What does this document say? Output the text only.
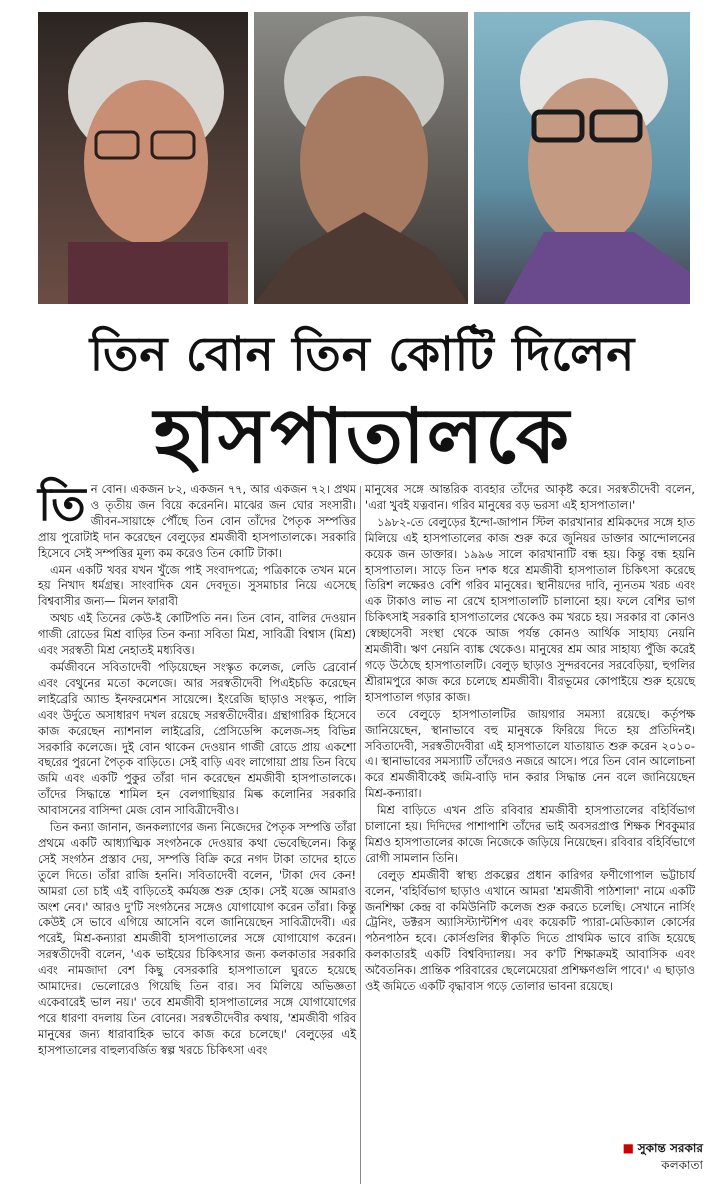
তিন বোন তিন কোটি দিলেন
হাসপাতালকে

তিন বোন। একজন ৮২, একজন ৭৭, আর একজন ৭২। প্রথম ও তৃতীয় জন বিয়ে করেননি। মাঝের জন ঘোর সংসারী। জীবন-সায়াহ্নে পৌঁছে তিন বোন তাঁদের পৈতৃক সম্পত্তির প্রায় পুরোটাই দান করেছেন বেলুড়ের শ্রমজীবী হাসপাতালকে। সরকারি হিসেবে সেই সম্পত্তির মূল্য কম করেও তিন কোটি টাকা।

এমন একটি খবর যখন খুঁজে পাই সংবাদপত্রে; পত্রিকাকে তখন মনে হয় নিখাদ ধর্মগ্রন্থ। সাংবাদিক যেন দেবদূত। সুসমাচার নিয়ে এসেছে বিশ্ববাসীর জন্য— মিলন ফারাবী

অথচ এই তিনের কেউ-ই কোটিপতি নন। তিন বোন, বালির দেওয়ান গাজী রোডের মিশ্র বাড়ির তিন কন্যা সবিতা মিশ্র, সাবিত্রী বিশ্বাস (মিশ্র) এবং সরস্বতী মিশ্র নেহাতই মধ্যবিত্ত।

কর্মজীবনে সবিতাদেবী পড়িয়েছেন সংস্কৃত কলেজ, লেডি ব্রেবোর্ন এবং বেথুনের মতো কলেজে। আর সরস্বতীদেবী পিএইচডি করেছেন লাইব্রেরি অ্যান্ড ইনফরমেশন সায়েন্সে। ইংরেজি ছাড়াও সংস্কৃত, পালি এবং উর্দুতে অসাধারণ দখল রয়েছে সরস্বতীদেবীর। গ্রন্থাগারিক হিসেবে কাজ করেছেন ন্যাশনাল লাইব্রেরি, প্রেসিডেন্সি কলেজ-সহ বিভিন্ন সরকারি কলেজে। দুই বোন থাকেন দেওয়ান গাজী রোডে প্রায় একশো বছরের পুরনো পৈতৃক বাড়িতে। সেই বাড়ি এবং লাগোয়া প্রায় তিন বিঘে জমি এবং একটি পুকুর তাঁরা দান করেছেন শ্রমজীবী হাসপাতালকে। তাঁদের সিদ্ধান্তে শামিল হন বেলগাছিয়ার মিল্ক কলোনির সরকারি আবাসনের বাসিন্দা মেজ বোন সাবিত্রীদেবীও।

তিন কন্যা জানান, জনকল্যাণের জন্য নিজেদের পৈতৃক সম্পত্তি তাঁরা প্রথমে একটি আধ্যাত্মিক সংগঠনকে দেওয়ার কথা ভেবেছিলেন। কিন্তু সেই সংগঠন প্রস্তাব দেয়, সম্পত্তি বিক্রি করে নগদ টাকা তাদের হাতে তুলে দিতে। তাঁরা রাজি হননি। সবিতাদেবী বলেন, 'টাকা দেব কেন! আমরা তো চাই এই বাড়িতেই কর্মযজ্ঞ শুরু হোক। সেই যজ্ঞে আমরাও অংশ নেব।' আরও দু'টি সংগঠনের সঙ্গেও যোগাযোগ করেন তাঁরা। কিন্তু কেউই সে ভাবে এগিয়ে আসেনি বলে জানিয়েছেন সাবিত্রীদেবী। এর পরেই, মিশ্র-কন্যারা শ্রমজীবী হাসপাতালের সঙ্গে যোগাযোগ করেন। সরস্বতীদেবী বলেন, 'এক ভাইয়ের চিকিৎসার জন্য কলকাতার সরকারি এবং নামজাদা বেশ কিছু বেসরকারি হাসপাতালে ঘুরতে হয়েছে আমাদের। ভেলোরেও গিয়েছি তিন বার। সব মিলিয়ে অভিজ্ঞতা একেবারেই ভাল নয়।' তবে শ্রমজীবী হাসপাতালের সঙ্গে যোগাযোগের পরে ধারণা বদলায় তিন বোনের। সরস্বতীদেবীর কথায়, 'শ্রমজীবী গরিব মানুষের জন্য ধারাবাহিক ভাবে কাজ করে চলেছে।' বেলুড়ের এই হাসপাতালের বাহুল্যবর্জিত স্বল্প খরচে চিকিৎসা এবং

মানুষের সঙ্গে আন্তরিক ব্যবহার তাঁদের আকৃষ্ট করে। সরস্বতীদেবী বলেন, 'এরা খুবই যত্নবান। গরিব মানুষের বড় ভরসা এই হাসপাতাল।'

১৯৮২-তে বেলুড়ের ইন্দো-জাপান স্টিল কারখানার শ্রমিকদের সঙ্গে হাত মিলিয়ে এই হাসপাতালের কাজ শুরু করে জুনিয়র ডাক্তার আন্দোলনের কয়েক জন ডাক্তার। ১৯৯৬ সালে কারখানাটি বন্ধ হয়। কিন্তু বন্ধ হয়নি হাসপাতাল। সাড়ে তিন দশক ধরে শ্রমজীবী হাসপাতাল চিকিৎসা করেছে তিরিশ লক্ষেরও বেশি গরিব মানুষের। স্থানীয়দের দাবি, ন্যূনতম খরচ এবং এক টাকাও লাভ না রেখে হাসপাতালটি চালানো হয়। ফলে বেশির ভাগ চিকিৎসাই সরকারি হাসপাতালের থেকেও কম খরচে হয়। সরকার বা কোনও স্বেচ্ছাসেবী সংস্থা থেকে আজ পর্যন্ত কোনও আর্থিক সাহায্য নেয়নি শ্রমজীবী। ঋণ নেয়নি ব্যাঙ্ক থেকেও। মানুষের শ্রম আর সাহায্য পুঁজি করেই গড়ে উঠেছে হাসপাতালটি। বেলুড় ছাড়াও সুন্দরবনের সরবেড়িয়া, হুগলির শ্রীরামপুরে কাজ করে চলেছে শ্রমজীবী। বীরভূমের কোপাইয়ে শুরু হয়েছে হাসপাতাল গড়ার কাজ।

তবে বেলুড়ে হাসপাতালটির জায়গার সমস্যা রয়েছে। কর্তৃপক্ষ জানিয়েছেন, স্থানাভাবে বহু মানুষকে ফিরিয়ে দিতে হয় প্রতিদিনই। সবিতাদেবী, সরস্বতীদেবীরা এই হাসপাতালে যাতায়াত শুরু করেন ২০১০-এ। স্থানাভাবের সমস্যাটি তাঁদেরও নজরে আসে। পরে তিন বোন আলোচনা করে শ্রমজীবীকেই জমি-বাড়ি দান করার সিদ্ধান্ত নেন বলে জানিয়েছেন মিশ্র-কন্যারা।

মিশ্র বাড়িতে এখন প্রতি রবিবার শ্রমজীবী হাসপাতালের বহির্বিভাগ চালানো হয়। দিদিদের পাশাপাশি তাঁদের ভাই অবসরপ্রাপ্ত শিক্ষক শিবকুমার মিশ্রও হাসপাতালের কাজে নিজেকে জড়িয়ে নিয়েছেন। রবিবার বহির্বিভাগে রোগী সামলান তিনি।

বেলুড় শ্রমজীবী স্বাস্থ্য প্রকল্পের প্রধান কারিগর ফণীগোপাল ভট্টাচার্য বলেন, 'বহির্বিভাগ ছাড়াও এখানে আমরা 'শ্রমজীবী পাঠশালা' নামে একটি জনশিক্ষা কেন্দ্র বা কমিউনিটি কলেজ শুরু করতে চলেছি। সেখানে নার্সিং ট্রেনিং, ডক্টরস অ্যাসিস্ট্যান্টশিপ এবং কয়েকটি প্যারা-মেডিক্যাল কোর্সের পঠনপাঠন হবে। কোর্সগুলির স্বীকৃতি দিতে প্রাথমিক ভাবে রাজি হয়েছে কলকাতারই একটি বিশ্ববিদ্যালয়। সব ক'টি শিক্ষাক্রমই আবাসিক এবং অবৈতনিক। প্রান্তিক পরিবারের ছেলেমেয়েরা প্রশিক্ষণগুলি পাবে।' এ ছাড়াও ওই জমিতে একটি বৃদ্ধাবাস গড়ে তোলার ভাবনা রয়েছে।

■ সুকান্ত সরকার
কলকাতা
